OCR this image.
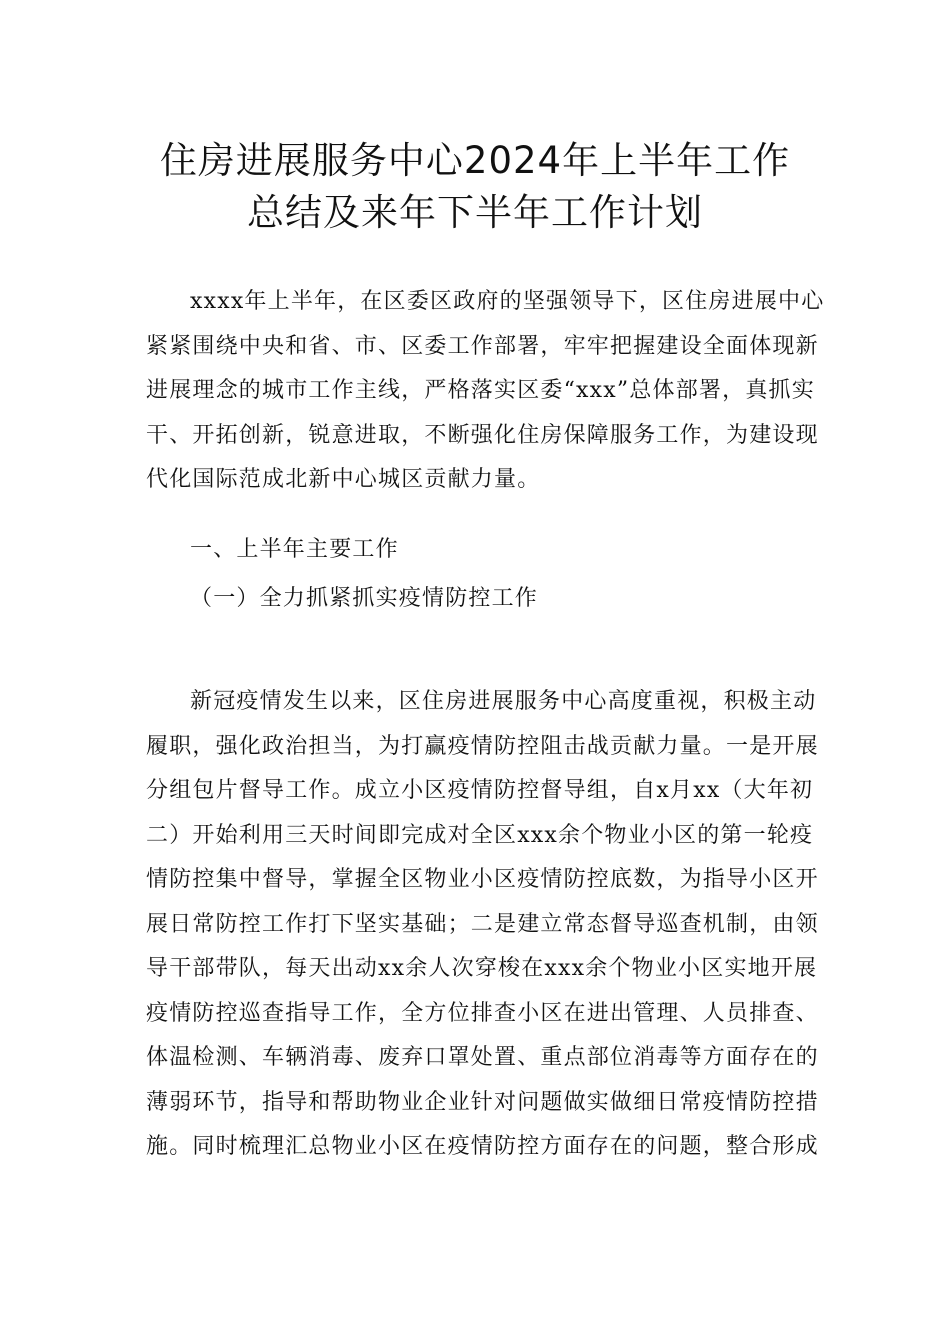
住房进展服务中心2024年上半年工作
总结及来年下半年工作计划
xxxx年上半年，在区委区政府的坚强领导下，区住房进展中心
紧紧围绕中央和省、市、区委工作部署，牢牢把握建设全面体现新
进展理念的城市工作主线，严格落实区委“xxx”总体部署，真抓实
干、开拓创新，锐意进取，不断强化住房保障服务工作，为建设现
代化国际范成北新中心城区贡献力量。
一、上半年主要工作
（一）全力抓紧抓实疫情防控工作
新冠疫情发生以来，区住房进展服务中心高度重视，积极主动
履职，强化政治担当，为打赢疫情防控阻击战贡献力量。一是开展
分组包片督导工作。成立小区疫情防控督导组，自x月xx（大年初
二）开始利用三天时间即完成对全区xxx余个物业小区的第一轮疫
情防控集中督导，掌握全区物业小区疫情防控底数，为指导小区开
展日常防控工作打下坚实基础；二是建立常态督导巡查机制，由领
导干部带队，每天出动xx余人次穿梭在xxx余个物业小区实地开展
疫情防控巡查指导工作，全方位排查小区在进出管理、人员排查、
体温检测、车辆消毒、废弃口罩处置、重点部位消毒等方面存在的
薄弱环节，指导和帮助物业企业针对问题做实做细日常疫情防控措
施。同时梳理汇总物业小区在疫情防控方面存在的问题，整合形成
